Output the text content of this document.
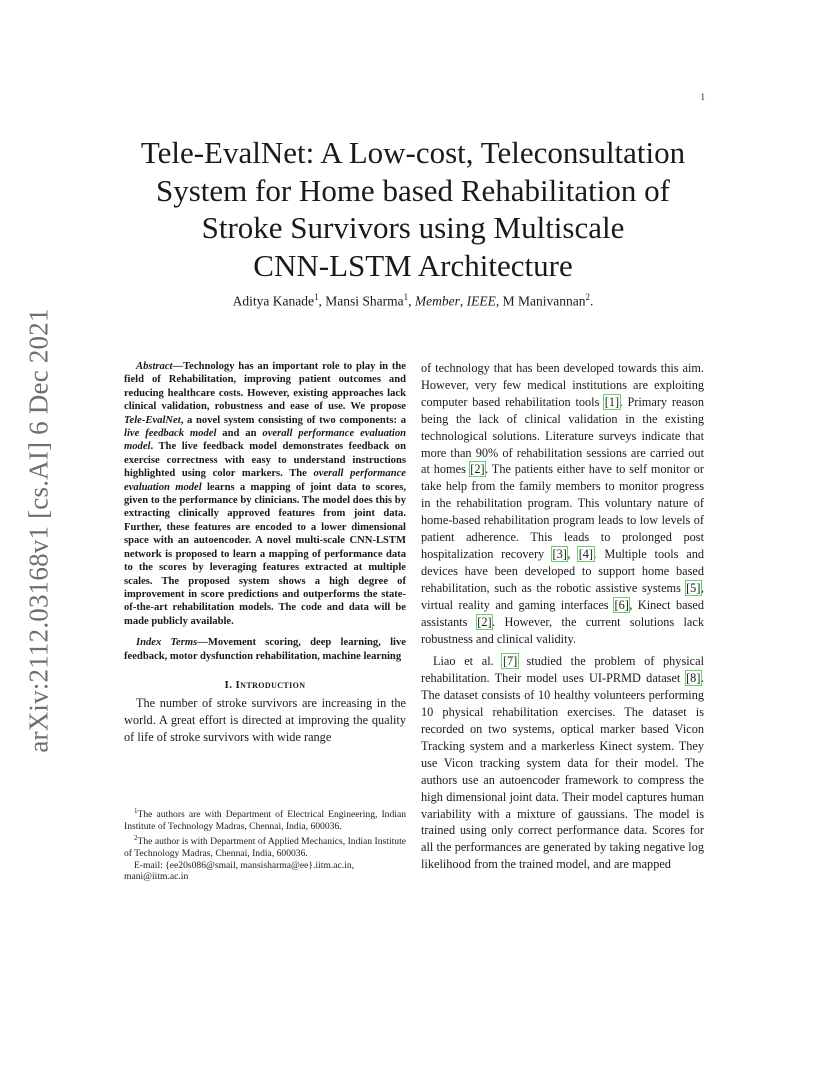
1
arXiv:2112.03168v1 [cs.AI] 6 Dec 2021
Tele-EvalNet: A Low-cost, Teleconsultation
System for Home based Rehabilitation of
Stroke Survivors using Multiscale
CNN-LSTM Architecture
Aditya Kanade$^1$, Mansi Sharma$^1$, Member, IEEE, M Manivannan$^2$.

Abstract—Technology has an important role to play in the field of Rehabilitation, improving patient outcomes and reducing healthcare costs. However, existing approaches lack clinical validation, robustness and ease of use. We propose Tele-EvalNet, a novel system consisting of two components: a live feedback model and an overall performance evaluation model. The live feedback model demonstrates feedback on exercise correctness with easy to understand instructions highlighted using color markers. The overall performance evaluation model learns a mapping of joint data to scores, given to the performance by clinicians. The model does this by extracting clinically approved features from joint data. Further, these features are encoded to a lower dimensional space with an autoencoder. A novel multi-scale CNN-LSTM network is proposed to learn a mapping of performance data to the scores by leveraging features extracted at multiple scales. The proposed system shows a high degree of improvement in score predictions and outperforms the state-of-the-art rehabilitation models. The code and data will be made publicly available.

Index Terms—Movement scoring, deep learning, live feedback, motor dysfunction rehabilitation, machine learning

I. Introduction

The number of stroke survivors are increasing in the world. A great effort is directed at improving the quality of life of stroke survivors with wide range

$^1$The authors are with Department of Electrical Engineering, Indian Institute of Technology Madras, Chennai, India, 600036.

$^2$The author is with Department of Applied Mechanics, Indian Institute of Technology Madras, Chennai, India, 600036.

E-mail: {ee20s086@smail, mansisharma@ee}.iitm.ac.in, mani@iitm.ac.in

of technology that has been developed towards this aim. However, very few medical institutions are exploiting computer based rehabilitation tools [1]. Primary reason being the lack of clinical validation in the existing technological solutions. Literature surveys indicate that more than 90% of rehabilitation sessions are carried out at homes [2]. The patients either have to self monitor or take help from the family members to monitor progress in the rehabilitation program. This voluntary nature of home-based rehabilitation program leads to low levels of patient adherence. This leads to prolonged post hospitalization recovery [3], [4]. Multiple tools and devices have been developed to support home based rehabilitation, such as the robotic assistive systems [5], virtual reality and gaming interfaces [6], Kinect based assistants [2]. However, the current solutions lack robustness and clinical validity.

Liao et al. [7] studied the problem of physical rehabilitation. Their model uses UI-PRMD dataset [8]. The dataset consists of 10 healthy volunteers performing 10 physical rehabilitation exercises. The dataset is recorded on two systems, optical marker based Vicon Tracking system and a markerless Kinect system. They use Vicon tracking system data for their model. The authors use an autoencoder framework to compress the high dimensional joint data. Their model captures human variability with a mixture of gaussians. The model is trained using only correct performance data. Scores for all the performances are generated by taking negative log likelihood from the trained model, and are mapped
